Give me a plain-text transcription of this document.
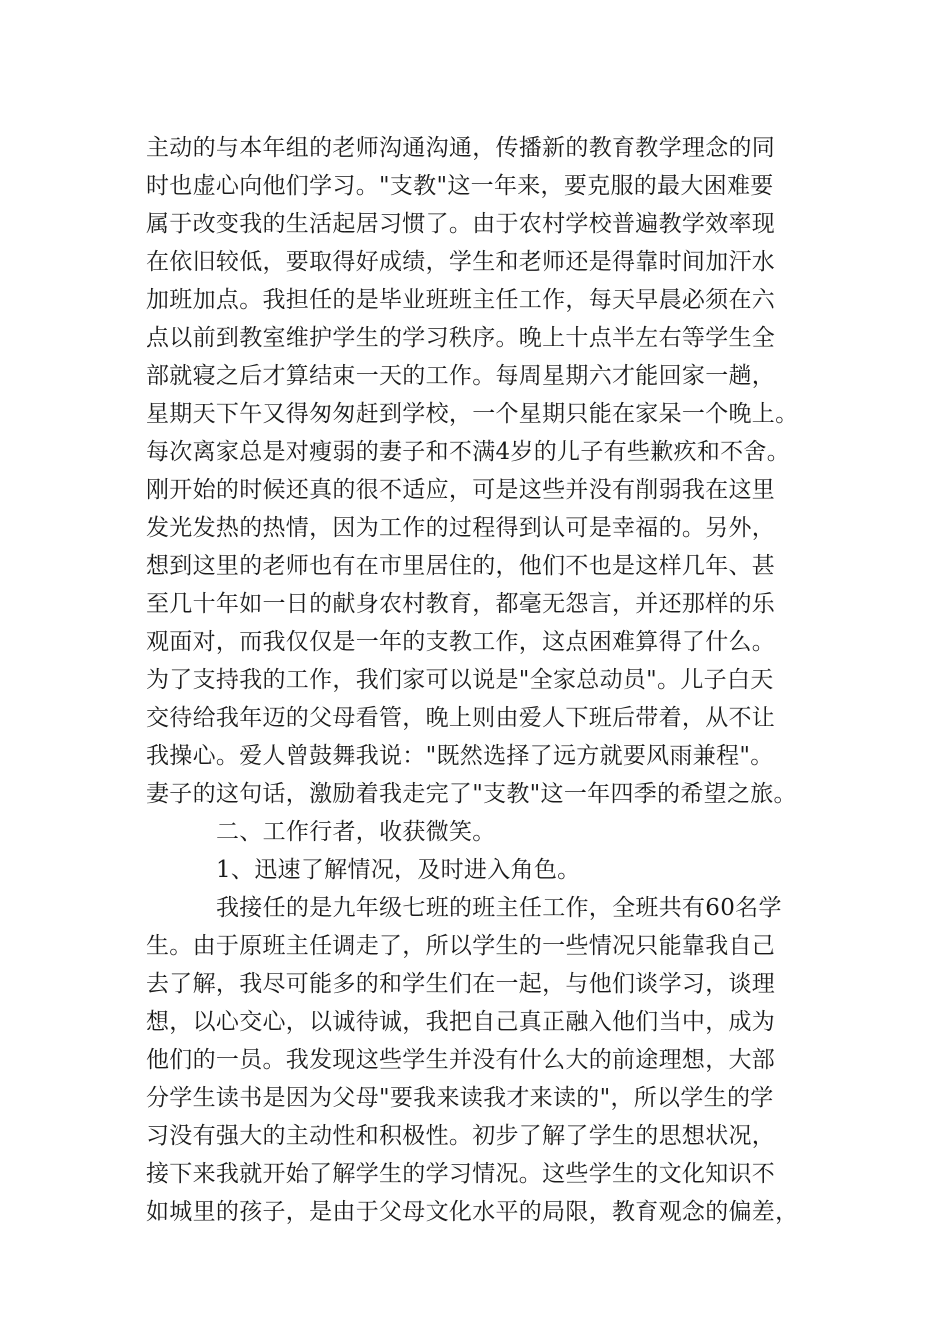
主动的与本年组的老师沟通沟通，传播新的教育教学理念的同
时也虚心向他们学习。"支教"这一年来，要克服的最大困难要
属于改变我的生活起居习惯了。由于农村学校普遍教学效率现
在依旧较低，要取得好成绩，学生和老师还是得靠时间加汗水
加班加点。我担任的是毕业班班主任工作，每天早晨必须在六
点以前到教室维护学生的学习秩序。晚上十点半左右等学生全
部就寝之后才算结束一天的工作。每周星期六才能回家一趟，
星期天下午又得匆匆赶到学校，一个星期只能在家呆一个晚上。
每次离家总是对瘦弱的妻子和不满4岁的儿子有些歉疚和不舍。
刚开始的时候还真的很不适应，可是这些并没有削弱我在这里
发光发热的热情，因为工作的过程得到认可是幸福的。另外，
想到这里的老师也有在市里居住的，他们不也是这样几年、甚
至几十年如一日的献身农村教育，都毫无怨言，并还那样的乐
观面对，而我仅仅是一年的支教工作，这点困难算得了什么。
为了支持我的工作，我们家可以说是"全家总动员"。儿子白天
交待给我年迈的父母看管，晚上则由爱人下班后带着，从不让
我操心。爱人曾鼓舞我说："既然选择了远方就要风雨兼程"。
妻子的这句话，激励着我走完了"支教"这一年四季的希望之旅。
二、工作行者，收获微笑。
1、迅速了解情况，及时进入角色。
我接任的是九年级七班的班主任工作，全班共有60名学
生。由于原班主任调走了，所以学生的一些情况只能靠我自己
去了解，我尽可能多的和学生们在一起，与他们谈学习，谈理
想，以心交心，以诚待诚，我把自己真正融入他们当中，成为
他们的一员。我发现这些学生并没有什么大的前途理想，大部
分学生读书是因为父母"要我来读我才来读的"，所以学生的学
习没有强大的主动性和积极性。初步了解了学生的思想状况，
接下来我就开始了解学生的学习情况。这些学生的文化知识不
如城里的孩子，是由于父母文化水平的局限，教育观念的偏差，
